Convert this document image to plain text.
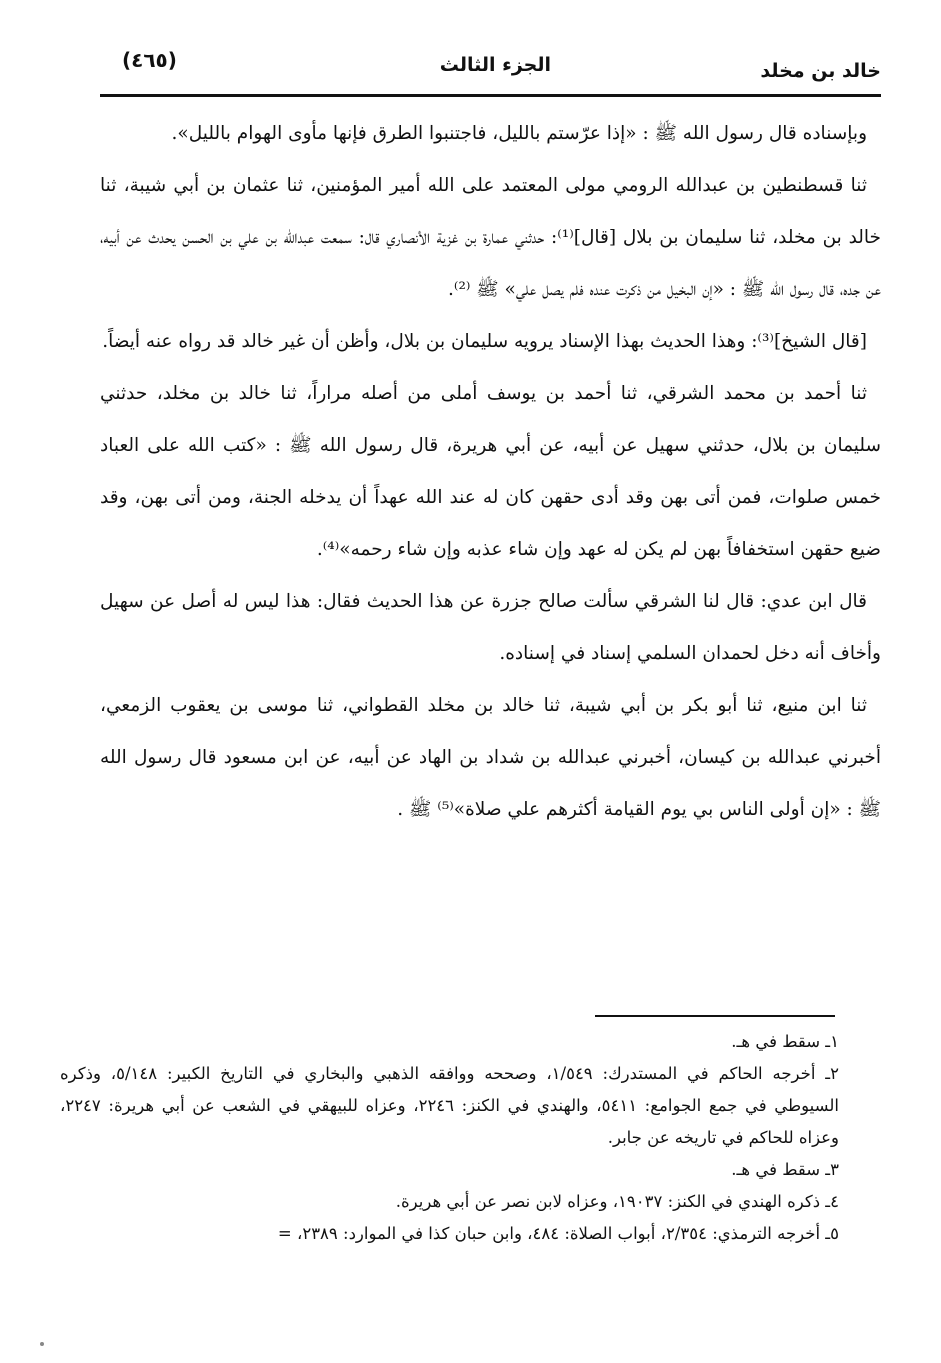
خالد بن مخلد
الجزء الثالث
(٤٦٥)

وبإسناده قال رسول الله ﷺ : «إذا عرّستم بالليل، فاجتنبوا الطرق فإنها مأوى الهوام بالليل».

ثنا قسطنطين بن عبدالله الرومي مولى المعتمد على الله أمير المؤمنين، ثنا عثمان بن أبي شيبة، ثنا خالد بن مخلد، ثنا سليمان بن بلال [قال]⁽¹⁾: حدثني عمارة بن غزية الأنصاري قال: سمعت عبدالله بن علي بن الحسن يحدث عن أبيه، عن جده، قال رسول الله ﷺ : «إن البخيل من ذكرت عنده فلم يصل علي» ﷺ ⁽²⁾.

[قال الشيخ]⁽³⁾: وهذا الحديث بهذا الإسناد يرويه سليمان بن بلال، وأظن أن غير خالد قد رواه عنه أيضاً.

ثنا أحمد بن محمد الشرقي، ثنا أحمد بن يوسف أملى من أصله مراراً، ثنا خالد بن مخلد، حدثني سليمان بن بلال، حدثني سهيل عن أبيه، عن أبي هريرة، قال رسول الله ﷺ : «كتب الله على العباد خمس صلوات، فمن أتى بهن وقد أدى حقهن كان له عند الله عهداً أن يدخله الجنة، ومن أتى بهن، وقد ضيع حقهن استخفافاً بهن لم يكن له عهد وإن شاء عذبه وإن شاء رحمه»⁽⁴⁾.

قال ابن عدي: قال لنا الشرقي سألت صالح جزرة عن هذا الحديث فقال: هذا ليس له أصل عن سهيل وأخاف أنه دخل لحمدان السلمي إسناد في إسناده.

ثنا ابن منيع، ثنا أبو بكر بن أبي شيبة، ثنا خالد بن مخلد القطواني، ثنا موسى بن يعقوب الزمعي، أخبرني عبدالله بن كيسان، أخبرني عبدالله بن شداد بن الهاد عن أبيه، عن ابن مسعود قال رسول الله ﷺ : «إن أولى الناس بي يوم القيامة أكثرهم علي صلاة»⁽⁵⁾ ﷺ .

١ـ سقط في هـ.

٢ـ أخرجه الحاكم في المستدرك: ١/٥٤٩، وصححه ووافقه الذهبي والبخاري في التاريخ الكبير: ٥/١٤٨، وذكره السيوطي في جمع الجوامع: ٥٤١١، والهندي في الكنز: ٢٢٤٦، وعزاه للبيهقي في الشعب عن أبي هريرة: ٢٢٤٧، وعزاه للحاكم في تاريخه عن جابر.

٣ـ سقط في هـ.

٤ـ ذكره الهندي في الكنز: ١٩٠٣٧، وعزاه لابن نصر عن أبي هريرة.

٥ـ أخرجه الترمذي: ٢/٣٥٤، أبواب الصلاة: ٤٨٤، وابن حبان كذا في الموارد: ٢٣٨٩، =
